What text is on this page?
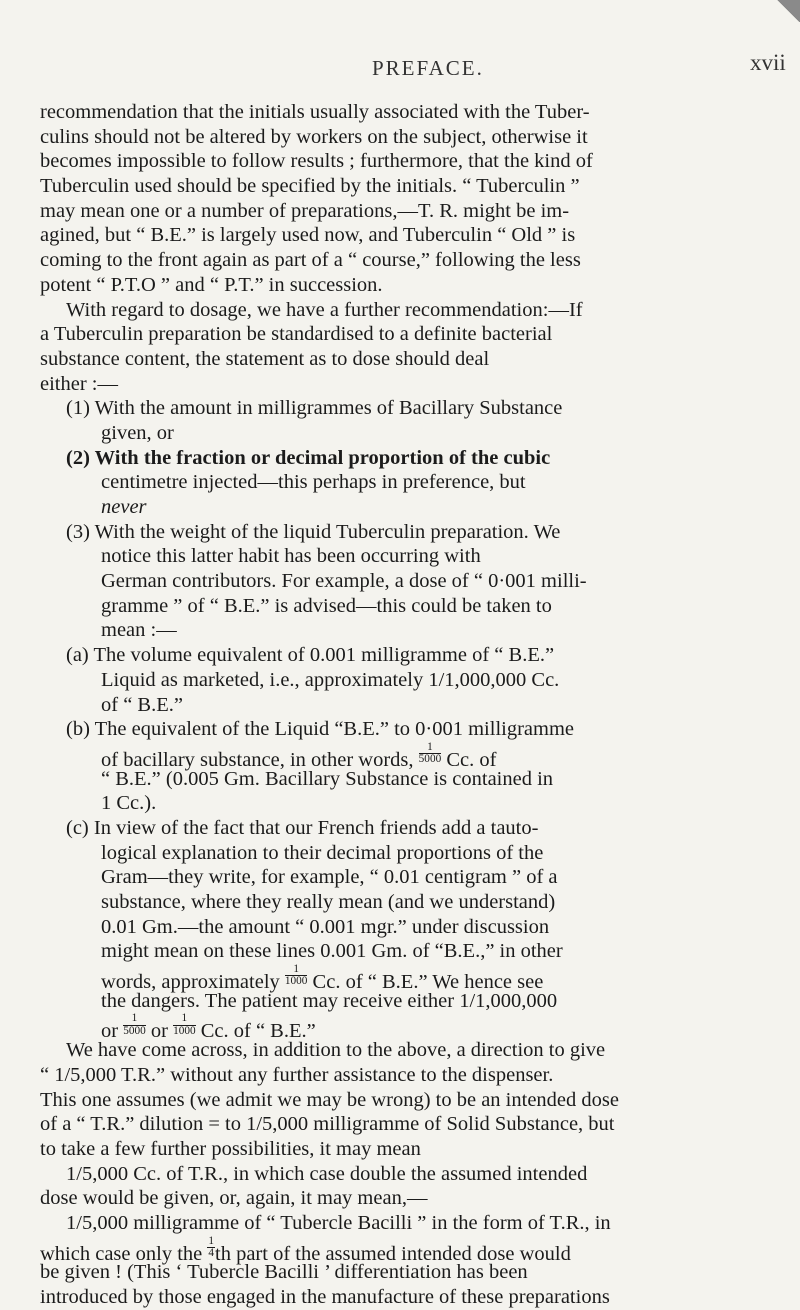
PREFACE.	xvii
recommendation that the initials usually associated with the Tuber-
culins should not be altered by workers on the subject, otherwise it
becomes impossible to follow results ; furthermore, that the kind of
Tuberculin used should be specified by the initials. “ Tuberculin ”
may mean one or a number of preparations,—T. R. might be im-
agined, but “ B.E.” is largely used now, and Tuberculin “ Old ” is
coming to the front again as part of a “ course,” following the less
potent “ P.T.O ” and “ P.T.” in succession.
With regard to dosage, we have a further recommendation:—If
a Tuberculin preparation be standardised to a definite bacterial
substance content, the statement as to dose should deal
either :—
(1) With the amount in milligrammes of Bacillary Substance
given, or
(2) With the fraction or decimal proportion of the cubic
centimetre injected—this perhaps in preference, but
never
(3) With the weight of the liquid Tuberculin preparation. We
notice this latter habit has been occurring with
German contributors. For example, a dose of “ 0·001 milli-
gramme ” of “ B.E.” is advised—this could be taken to
mean :—
(a) The volume equivalent of 0.001 milligramme of “ B.E.”
Liquid as marketed, i.e., approximately 1/1,000,000 Cc.
of “ B.E.”
(b) The equivalent of the Liquid “B.E.” to 0·001 milligramme
of bacillary substance, in other words, $\frac{1}{5000} Cc$. of
“ B.E.” (0.005 Gm. Bacillary Substance is contained in
1 Cc.).
(c) In view of the fact that our French friends add a tauto-
logical explanation to their decimal proportions of the
Gram—they write, for example, “ 0.01 centigram ” of a
substance, where they really mean (and we understand)
0.01 Gm.—the amount “ 0.001 mgr.” under discussion
might mean on these lines 0.001 Gm. of “B.E.,” in other
words, approximately $\frac{1}{1000} Cc$. of “ B.E.” We hence see
the dangers. The patient may receive either 1/1,000,000
or $\frac{1}{5000}$ or $\frac{1}{1000} Cc$. of “ B.E.”
We have come across, in addition to the above, a direction to give
“ 1/5,000 T.R.” without any further assistance to the dispenser.
This one assumes (we admit we may be wrong) to be an intended dose
of a “ T.R.” dilution = to 1/5,000 milligramme of Solid Substance, but
to take a few further possibilities, it may mean
1/5,000 Cc. of T.R., in which case double the assumed intended
dose would be given, or, again, it may mean,—
1/5,000 milligramme of “ Tubercle Bacilli ” in the form of T.R., in
which case only the $\frac{1}{4}$ th part of the assumed intended dose would
be given ! (This ‘ Tubercle Bacilli ’ differentiation has been
introduced by those engaged in the manufacture of these preparations
